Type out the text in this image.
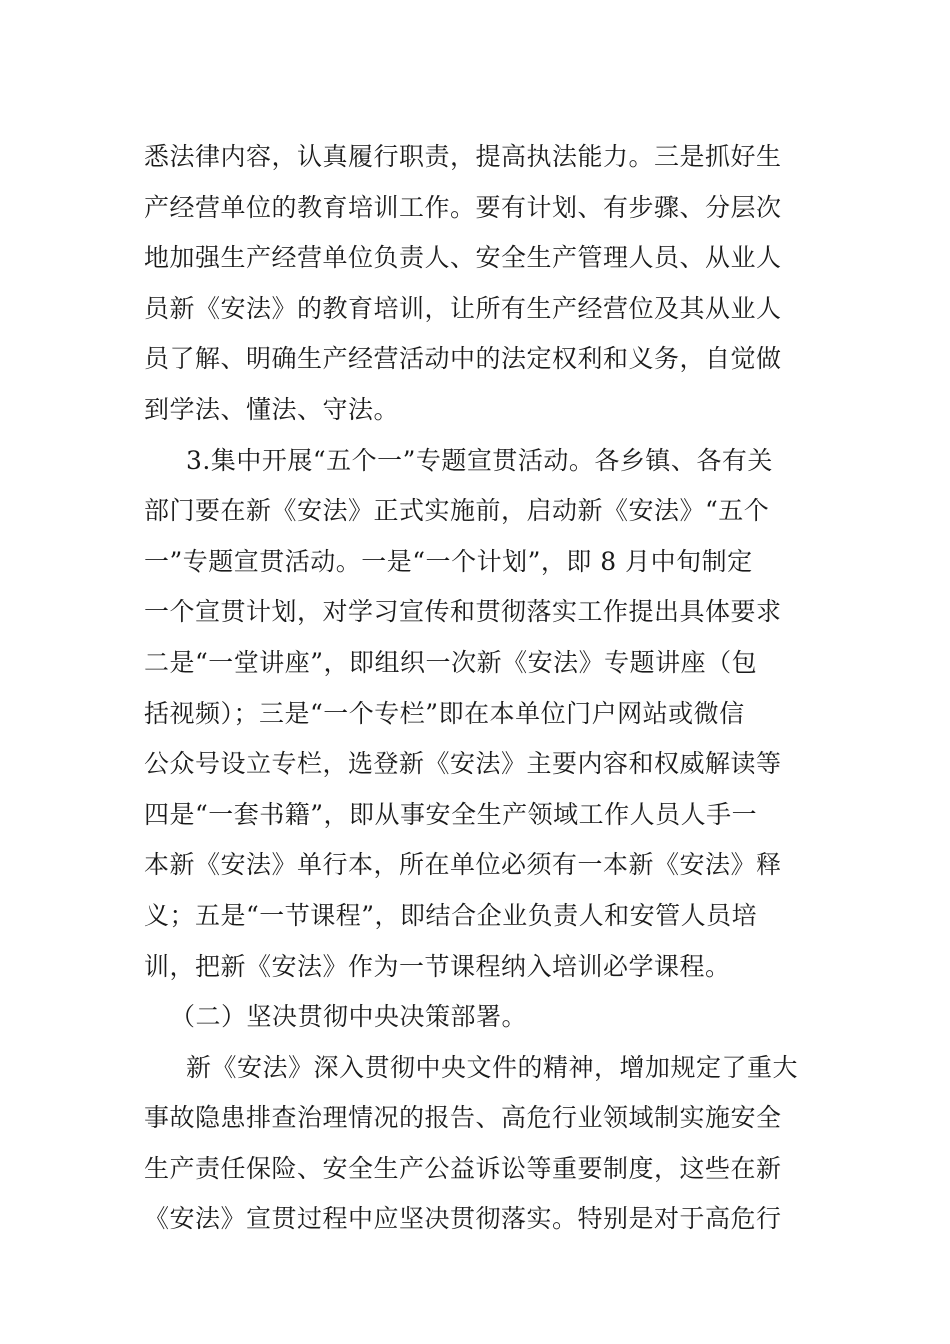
悉法律内容，认真履行职责，提高执法能力。三是抓好生
产经营单位的教育培训工作。要有计划、有步骤、分层次
地加强生产经营单位负责人、安全生产管理人员、从业人
员新《安法》的教育培训，让所有生产经营位及其从业人
员了解、明确生产经营活动中的法定权利和义务，自觉做
到学法、懂法、守法。
3.集中开展“五个一”专题宣贯活动。各乡镇、各有关
部门要在新《安法》正式实施前，启动新《安法》“五个
一”专题宣贯活动。一是“一个计划”，即 8 月中旬制定
一个宣贯计划，对学习宣传和贯彻落实工作提出具体要求
二是“一堂讲座”，即组织一次新《安法》专题讲座（包
括视频）；三是“一个专栏”即在本单位门户网站或微信
公众号设立专栏，选登新《安法》主要内容和权威解读等
四是“一套书籍”，即从事安全生产领域工作人员人手一
本新《安法》单行本，所在单位必须有一本新《安法》释
义；五是“一节课程”，即结合企业负责人和安管人员培
训，把新《安法》作为一节课程纳入培训必学课程。
（二）坚决贯彻中央决策部署。
新《安法》深入贯彻中央文件的精神，增加规定了重大
事故隐患排查治理情况的报告、高危行业领域制实施安全
生产责任保险、安全生产公益诉讼等重要制度，这些在新
《安法》宣贯过程中应坚决贯彻落实。特别是对于高危行
